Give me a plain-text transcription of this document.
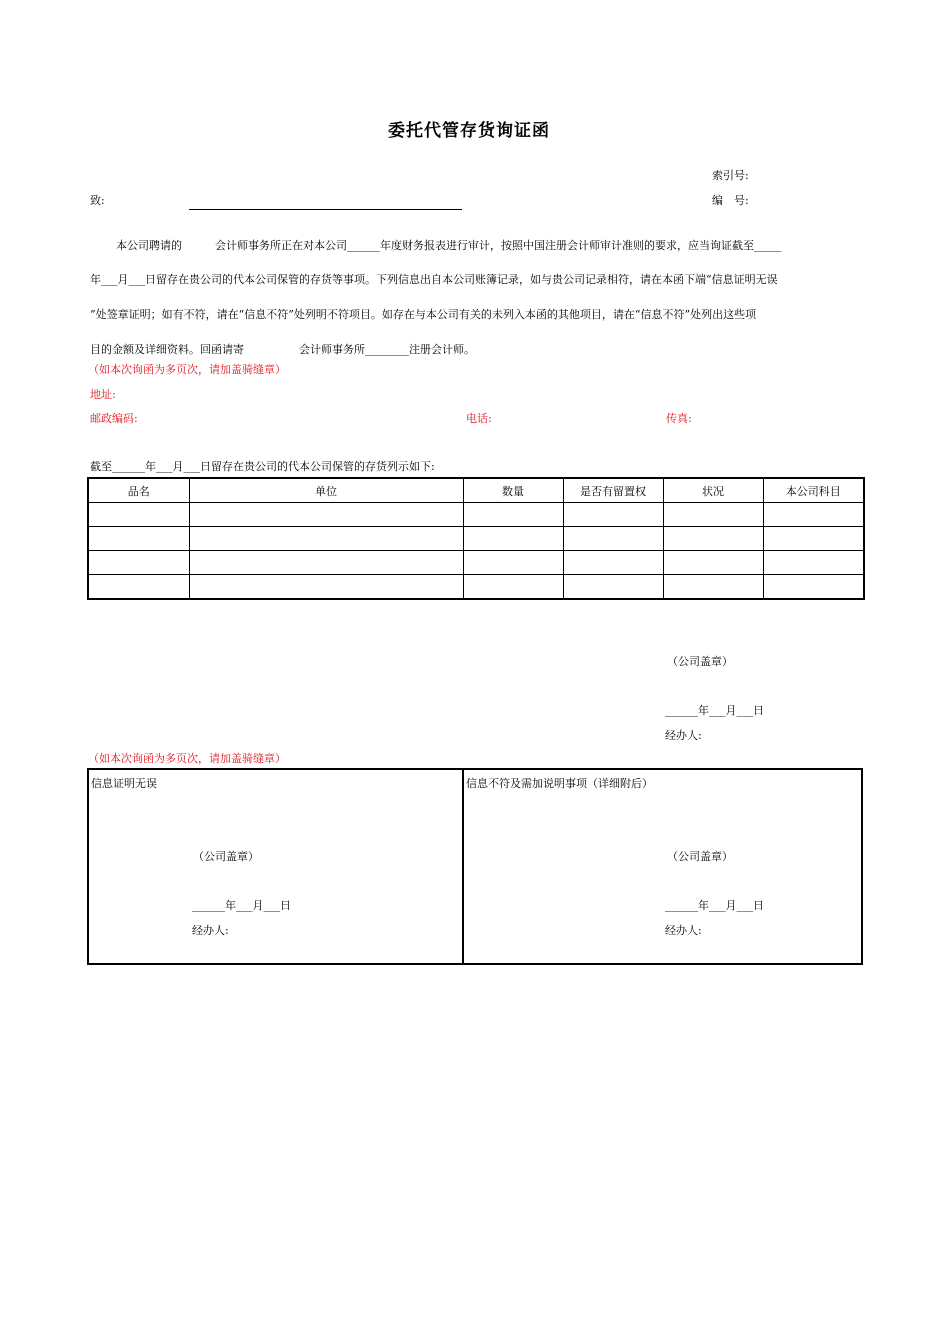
委托代管存货询证函
索引号:
致:	编　号:
本公司聘请的　　　会计师事务所正在对本公司______年度财务报表进行审计，按照中国注册会计师审计准则的要求，应当询证截至_____
年___月___日留存在贵公司的代本公司保管的存货等事项。下列信息出自本公司账簿记录，如与贵公司记录相符，请在本函下端“信息证明无误
”处签章证明；如有不符，请在“信息不符”处列明不符项目。如存在与本公司有关的未列入本函的其他项目，请在“信息不符”处列出这些项
目的金额及详细资料。回函请寄　　　　　会计师事务所________注册会计师。
（如本次询函为多页次，请加盖骑缝章）
地址:
邮政编码:	电话:	传真:
截至______年___月___日留存在贵公司的代本公司保管的存货列示如下:
品名	单位	数量	是否有留置权	状况	本公司科目

（公司盖章）
______年___月___日
经办人:
（如本次询函为多页次，请加盖骑缝章）
信息证明无误
（公司盖章）
______年___月___日
经办人:
信息不符及需加说明事项（详细附后）
（公司盖章）
______年___月___日
经办人:
